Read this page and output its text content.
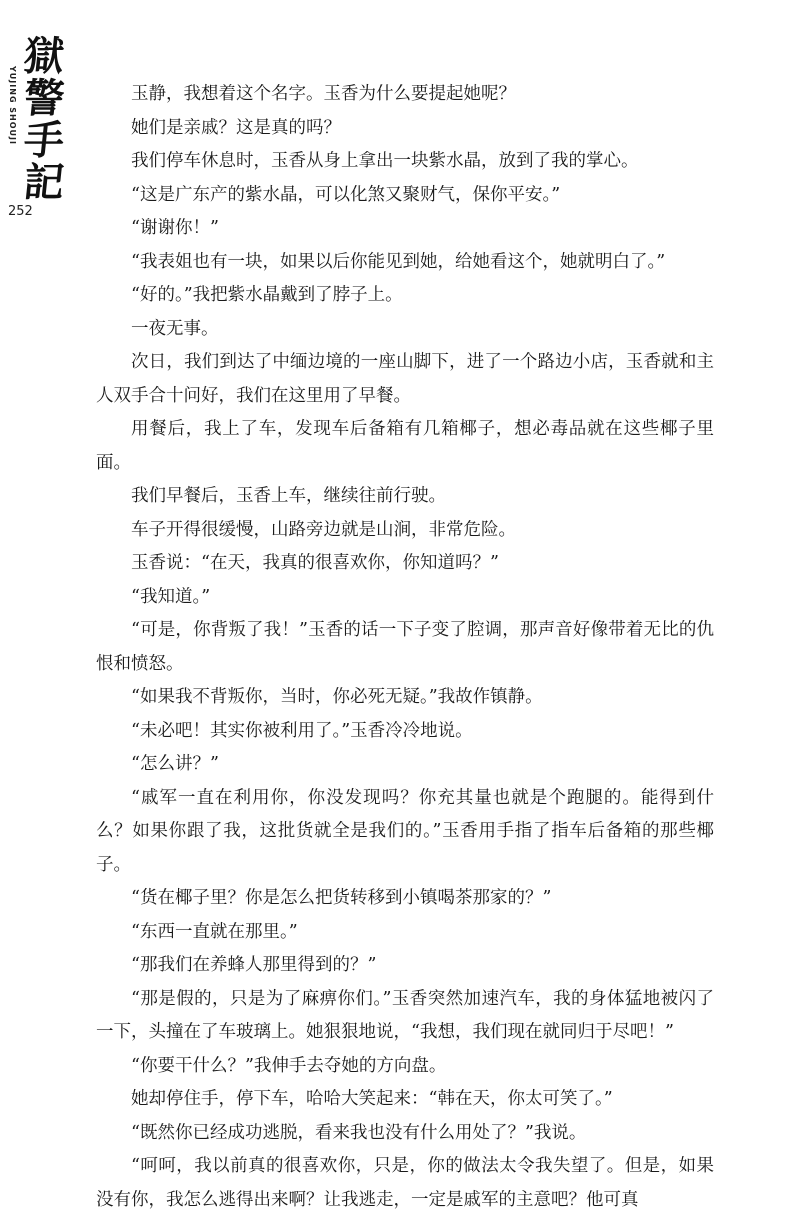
獄
警
手
記
YUJING SHOUJI
252

玉静，我想着这个名字。玉香为什么要提起她呢？

她们是亲戚？这是真的吗？

我们停车休息时，玉香从身上拿出一块紫水晶，放到了我的掌心。

“这是广东产的紫水晶，可以化煞又聚财气，保你平安。”

“谢谢你！”

“我表姐也有一块，如果以后你能见到她，给她看这个，她就明白了。”

“好的。”我把紫水晶戴到了脖子上。

一夜无事。

次日，我们到达了中缅边境的一座山脚下，进了一个路边小店，玉香就和主人双手合十问好，我们在这里用了早餐。

用餐后，我上了车，发现车后备箱有几箱椰子，想必毒品就在这些椰子里面。

我们早餐后，玉香上车，继续往前行驶。

车子开得很缓慢，山路旁边就是山涧，非常危险。

玉香说：“在天，我真的很喜欢你，你知道吗？”

“我知道。”

“可是，你背叛了我！”玉香的话一下子变了腔调，那声音好像带着无比的仇恨和愤怒。

“如果我不背叛你，当时，你必死无疑。”我故作镇静。

“未必吧！其实你被利用了。”玉香冷冷地说。

“怎么讲？”

“戚军一直在利用你，你没发现吗？你充其量也就是个跑腿的。能得到什么？如果你跟了我，这批货就全是我们的。”玉香用手指了指车后备箱的那些椰子。

“货在椰子里？你是怎么把货转移到小镇喝茶那家的？”

“东西一直就在那里。”

“那我们在养蜂人那里得到的？”

“那是假的，只是为了麻痹你们。”玉香突然加速汽车，我的身体猛地被闪了一下，头撞在了车玻璃上。她狠狠地说，“我想，我们现在就同归于尽吧！”

“你要干什么？”我伸手去夺她的方向盘。

她却停住手，停下车，哈哈大笑起来：“韩在天，你太可笑了。”

“既然你已经成功逃脱，看来我也没有什么用处了？”我说。

“呵呵，我以前真的很喜欢你，只是，你的做法太令我失望了。但是，如果没有你，我怎么逃得出来啊？让我逃走，一定是戚军的主意吧？他可真
